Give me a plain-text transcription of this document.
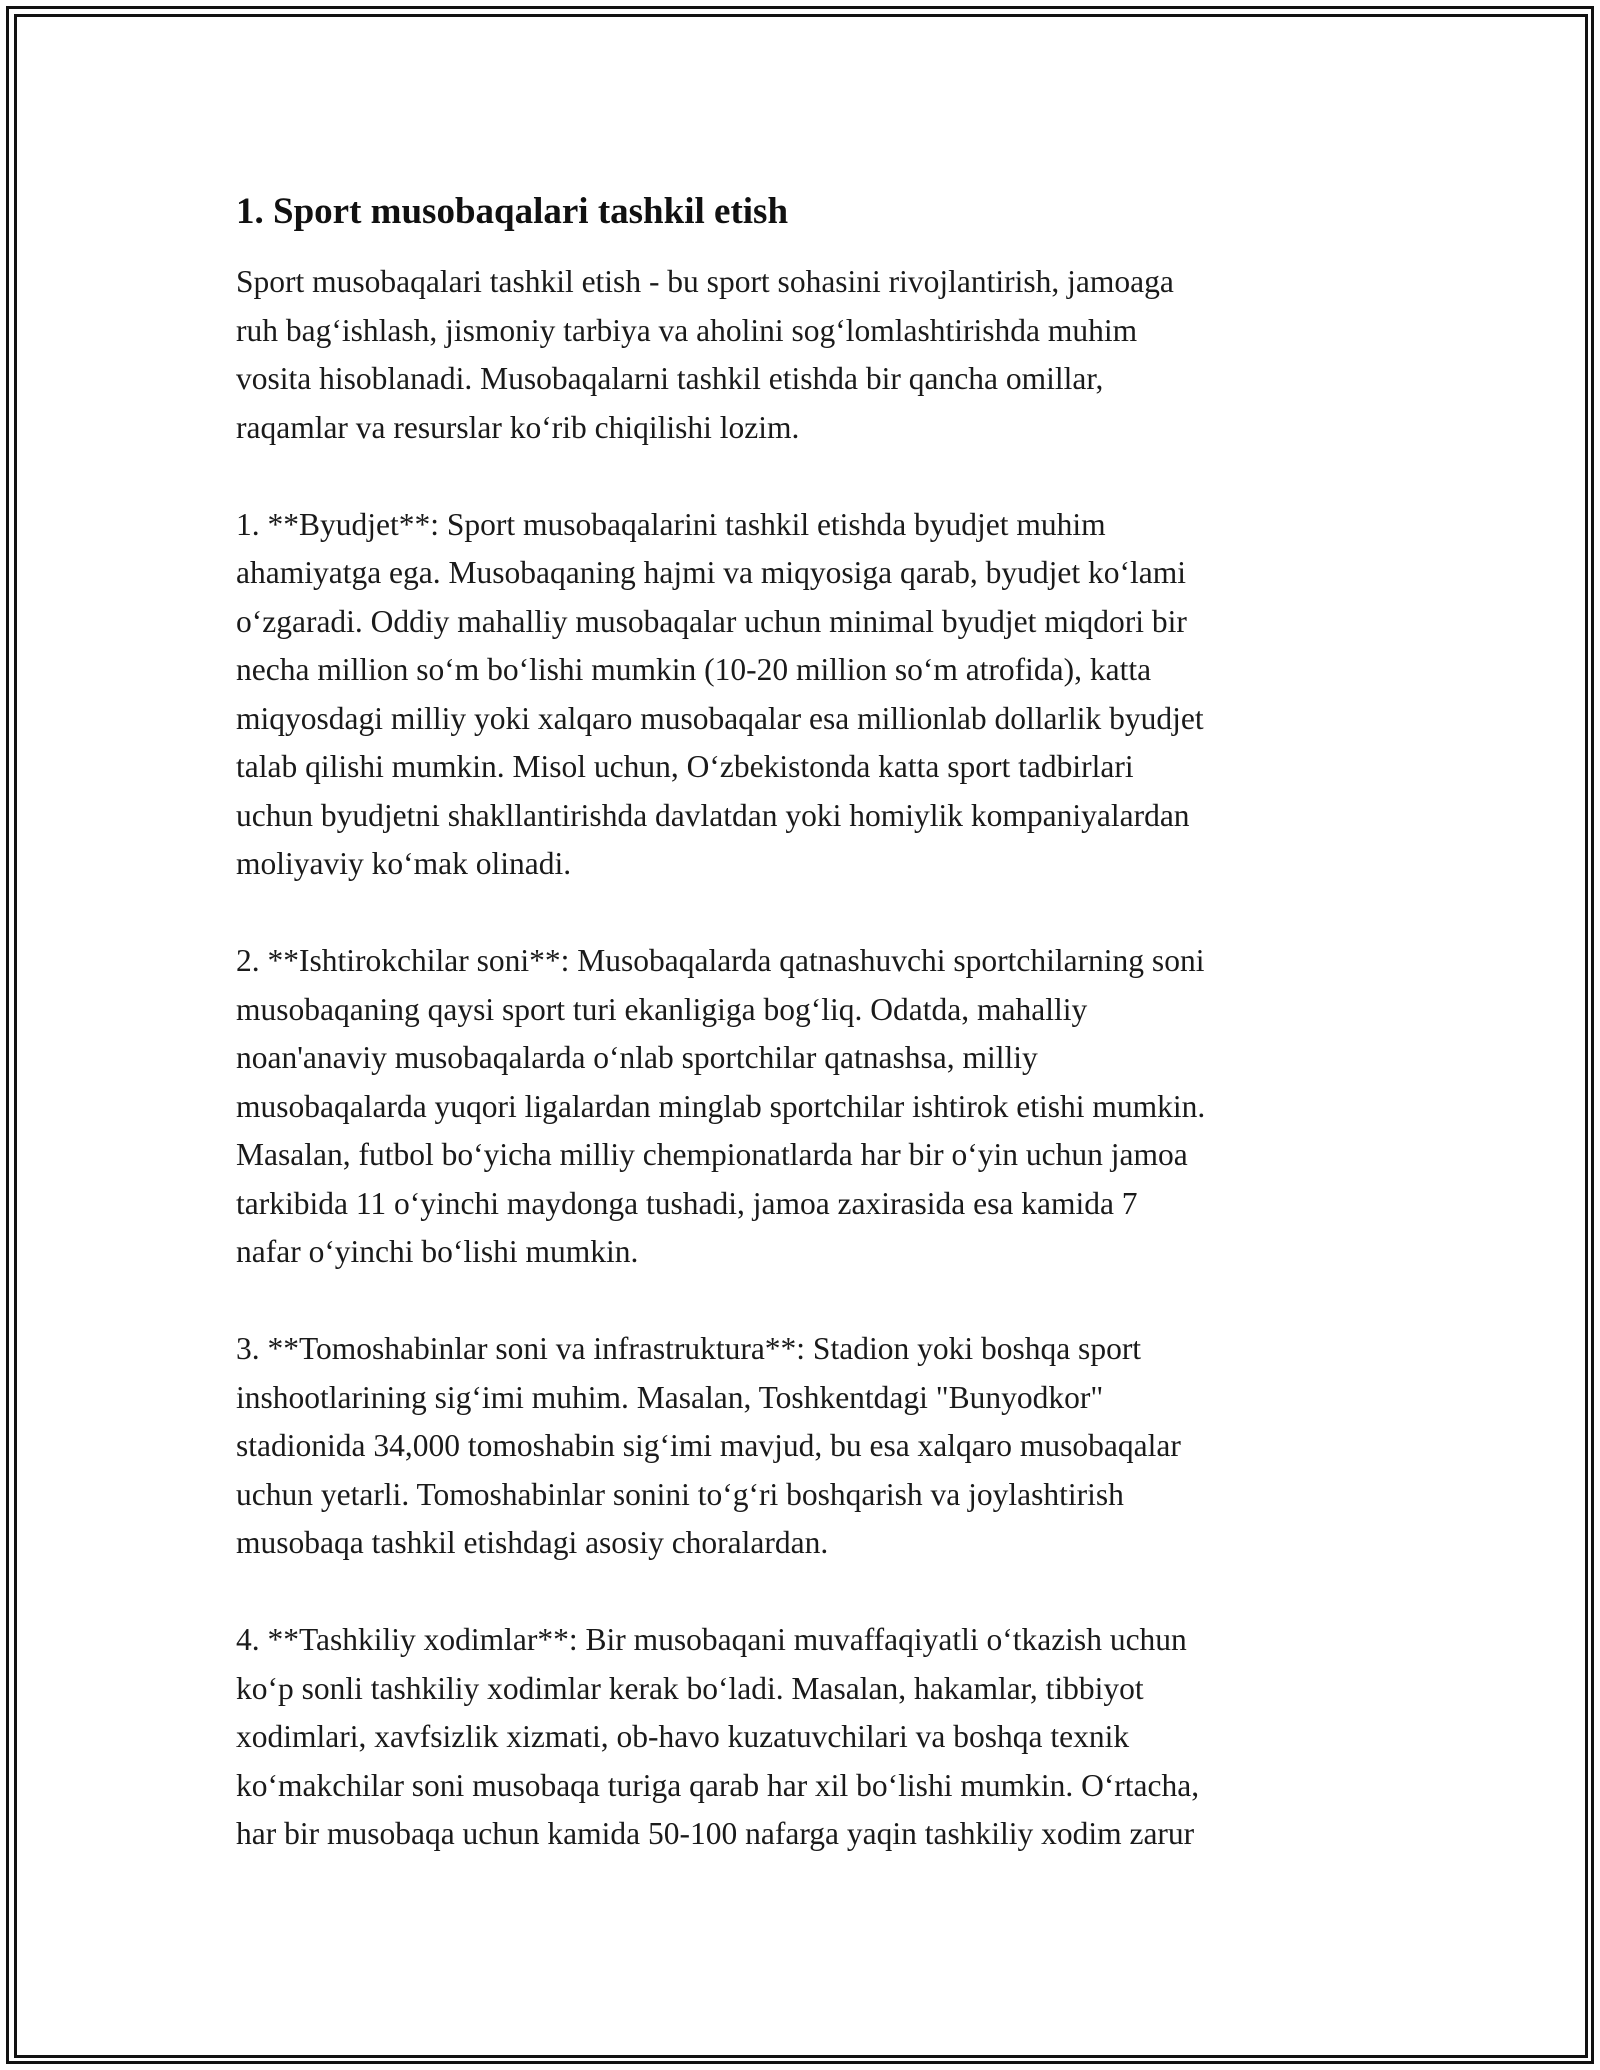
1. Sport musobaqalari tashkil etish

Sport musobaqalari tashkil etish - bu sport sohasini rivojlantirish, jamoaga
ruh bag‘ishlash, jismoniy tarbiya va aholini sog‘lomlashtirishda muhim
vosita hisoblanadi. Musobaqalarni tashkil etishda bir qancha omillar,
raqamlar va resurslar ko‘rib chiqilishi lozim.

1. **Byudjet**: Sport musobaqalarini tashkil etishda byudjet muhim
ahamiyatga ega. Musobaqaning hajmi va miqyosiga qarab, byudjet ko‘lami
o‘zgaradi. Oddiy mahalliy musobaqalar uchun minimal byudjet miqdori bir
necha million so‘m bo‘lishi mumkin (10-20 million so‘m atrofida), katta
miqyosdagi milliy yoki xalqaro musobaqalar esa millionlab dollarlik byudjet
talab qilishi mumkin. Misol uchun, O‘zbekistonda katta sport tadbirlari
uchun byudjetni shakllantirishda davlatdan yoki homiylik kompaniyalardan
moliyaviy ko‘mak olinadi.

2. **Ishtirokchilar soni**: Musobaqalarda qatnashuvchi sportchilarning soni
musobaqaning qaysi sport turi ekanligiga bog‘liq. Odatda, mahalliy
noan'anaviy musobaqalarda o‘nlab sportchilar qatnashsa, milliy
musobaqalarda yuqori ligalardan minglab sportchilar ishtirok etishi mumkin.
Masalan, futbol bo‘yicha milliy chempionatlarda har bir o‘yin uchun jamoa
tarkibida 11 o‘yinchi maydonga tushadi, jamoa zaxirasida esa kamida 7
nafar o‘yinchi bo‘lishi mumkin.

3. **Tomoshabinlar soni va infrastruktura**: Stadion yoki boshqa sport
inshootlarining sig‘imi muhim. Masalan, Toshkentdagi "Bunyodkor"
stadionida 34,000 tomoshabin sig‘imi mavjud, bu esa xalqaro musobaqalar
uchun yetarli. Tomoshabinlar sonini to‘g‘ri boshqarish va joylashtirish
musobaqa tashkil etishdagi asosiy choralardan.

4. **Tashkiliy xodimlar**: Bir musobaqani muvaffaqiyatli o‘tkazish uchun
ko‘p sonli tashkiliy xodimlar kerak bo‘ladi. Masalan, hakamlar, tibbiyot
xodimlari, xavfsizlik xizmati, ob-havo kuzatuvchilari va boshqa texnik
ko‘makchilar soni musobaqa turiga qarab har xil bo‘lishi mumkin. O‘rtacha,
har bir musobaqa uchun kamida 50-100 nafarga yaqin tashkiliy xodim zarur
